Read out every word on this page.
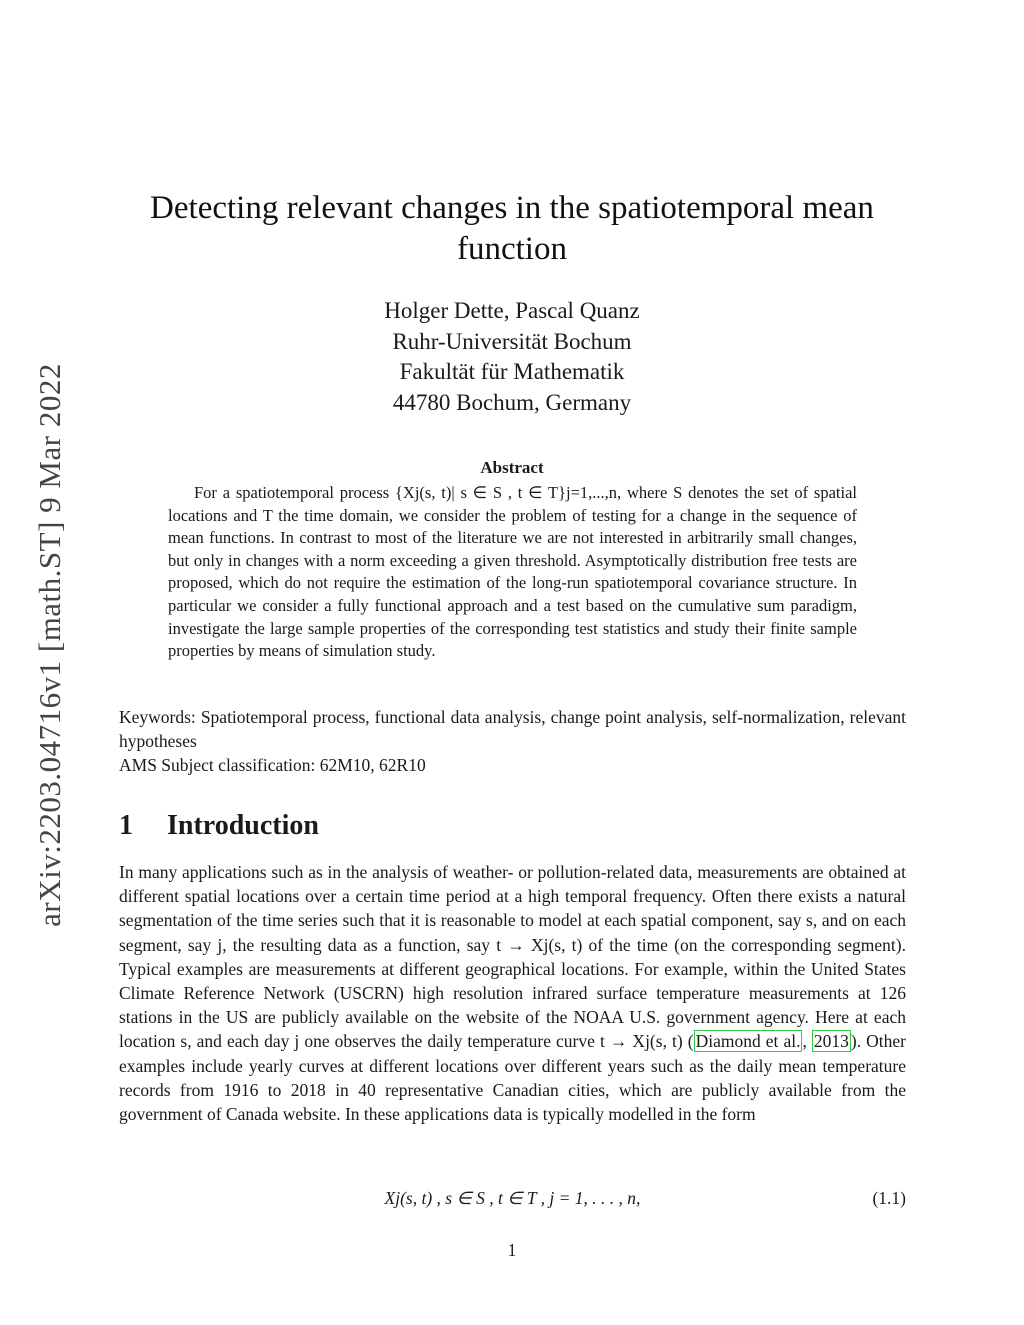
arXiv:2203.04716v1 [math.ST] 9 Mar 2022
Detecting relevant changes in the spatiotemporal mean function
Holger Dette, Pascal Quanz
Ruhr-Universität Bochum
Fakultät für Mathematik
44780 Bochum, Germany
Abstract
For a spatiotemporal process {Xj(s, t)| s ∈ S , t ∈ T}j=1,...,n, where S denotes the set of spatial locations and T the time domain, we consider the problem of testing for a change in the sequence of mean functions. In contrast to most of the literature we are not interested in arbitrarily small changes, but only in changes with a norm exceeding a given threshold. Asymptotically distribution free tests are proposed, which do not require the estimation of the long-run spatiotemporal covariance structure. In particular we consider a fully functional approach and a test based on the cumulative sum paradigm, investigate the large sample properties of the corresponding test statistics and study their finite sample properties by means of simulation study.
Keywords: Spatiotemporal process, functional data analysis, change point analysis, self-normalization, relevant hypotheses
AMS Subject classification: 62M10, 62R10
1 Introduction
In many applications such as in the analysis of weather- or pollution-related data, measurements are obtained at different spatial locations over a certain time period at a high temporal frequency. Often there exists a natural segmentation of the time series such that it is reasonable to model at each spatial component, say s, and on each segment, say j, the resulting data as a function, say t → Xj(s, t) of the time (on the corresponding segment). Typical examples are measurements at different geographical locations. For example, within the United States Climate Reference Network (USCRN) high resolution infrared surface temperature measurements at 126 stations in the US are publicly available on the website of the NOAA U.S. government agency. Here at each location s, and each day j one observes the daily temperature curve t → Xj(s, t) ( Diamond et al. , 2013 ). Other examples include yearly curves at different locations over different years such as the daily mean temperature records from 1916 to 2018 in 40 representative Canadian cities, which are publicly available from the government of Canada website. In these applications data is typically modelled in the form
Xj(s, t) , s ∈ S , t ∈ T , j = 1, . . . , n,	(1.1)
1
